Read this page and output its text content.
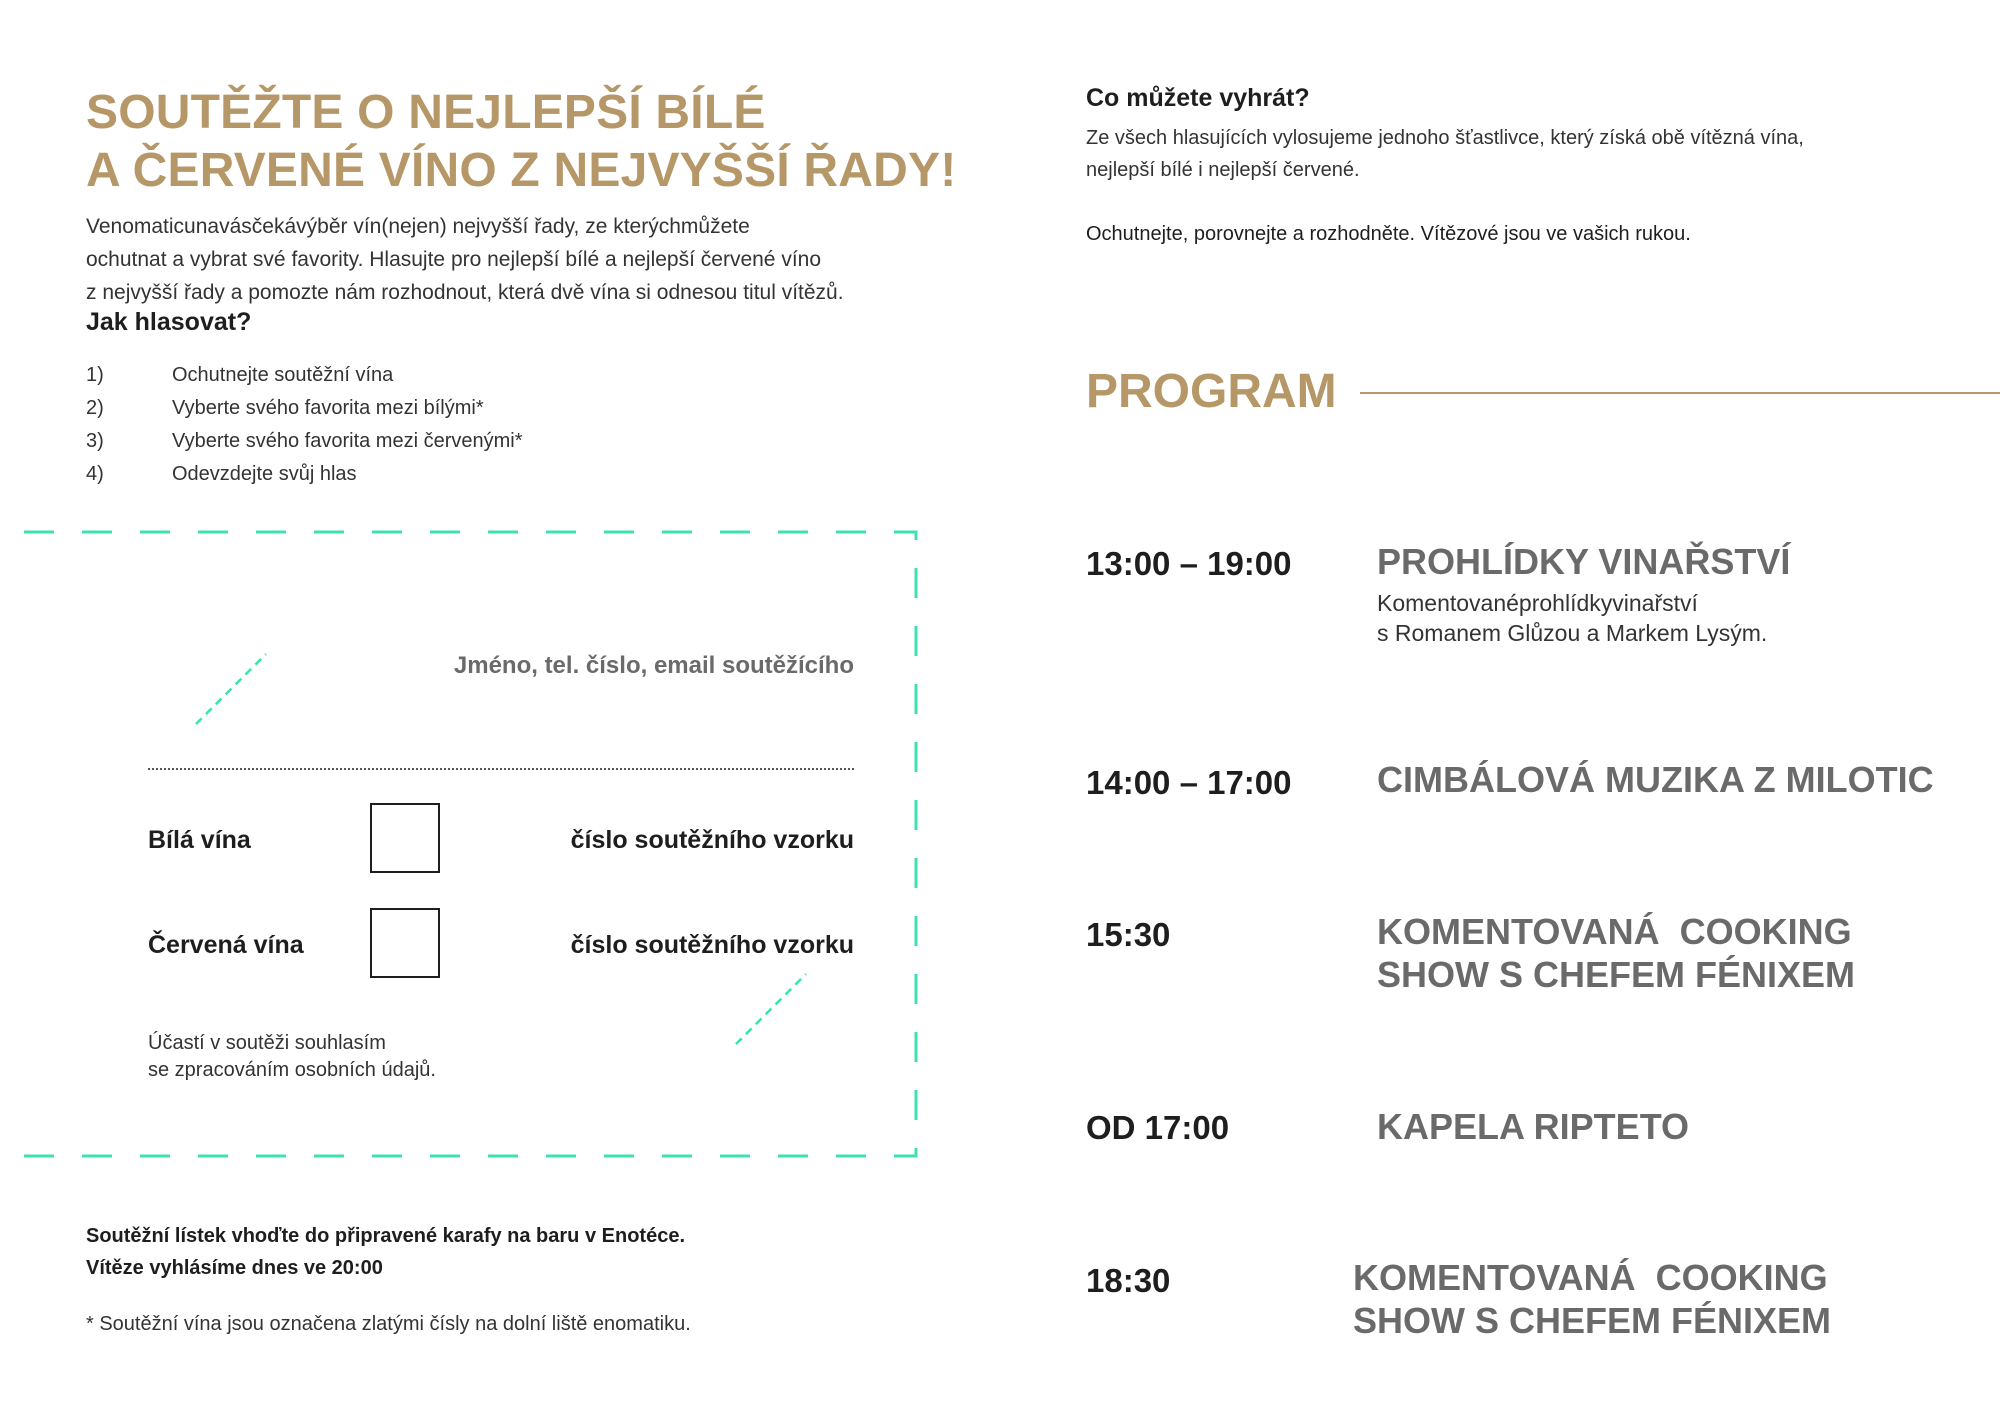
SOUTĚŽTE O NEJLEPŠÍ BÍLÉ
A ČERVENÉ VÍNO Z NEJVYŠŠÍ ŘADY!
Venomaticunavásčekávýběr vín(nejen) nejvyšší řady, ze kterýchmůžete
ochutnat a vybrat své favority. Hlasujte pro nejlepší bílé a nejlepší červené víno
z nejvyšší řady a pomozte nám rozhodnout, která dvě vína si odnesou titul vítězů.
Jak hlasovat?
1)	Ochutnejte soutěžní vína
2)	Vyberte svého favorita mezi bílými*
3)	Vyberte svého favorita mezi červenými*
4)	Odevzdejte svůj hlas
Jméno, tel. číslo, email soutěžícího
Bílá vína	číslo soutěžního vzorku
Červená vína	číslo soutěžního vzorku
Účastí v soutěži souhlasím
se zpracováním osobních údajů.
Soutěžní lístek vhoďte do připravené karafy na baru v Enotéce.
Vítěze vyhlásíme dnes ve 20:00
* Soutěžní vína jsou označena zlatými čísly na dolní liště enomatiku.
Co můžete vyhrát?
Ze všech hlasujících vylosujeme jednoho šťastlivce, který získá obě vítězná vína,
nejlepší bílé i nejlepší červené.
Ochutnejte, porovnejte a rozhodněte. Vítězové jsou ve vašich rukou.
PROGRAM
13:00 – 19:00 PROHLÍDKY VINAŘSTVÍ
Komentovanéprohlídkyvinařství
s Romanem Glůzou a Markem Lysým.
14:00 – 17:00 CIMBÁLOVÁ MUZIKA Z MILOTIC
15:30	KOMENTOVANÁ  COOKING
SHOW S CHEFEM FÉNIXEM
OD 17:00	KAPELA RIPTETO
18:30	KOMENTOVANÁ  COOKING
SHOW S CHEFEM FÉNIXEM
